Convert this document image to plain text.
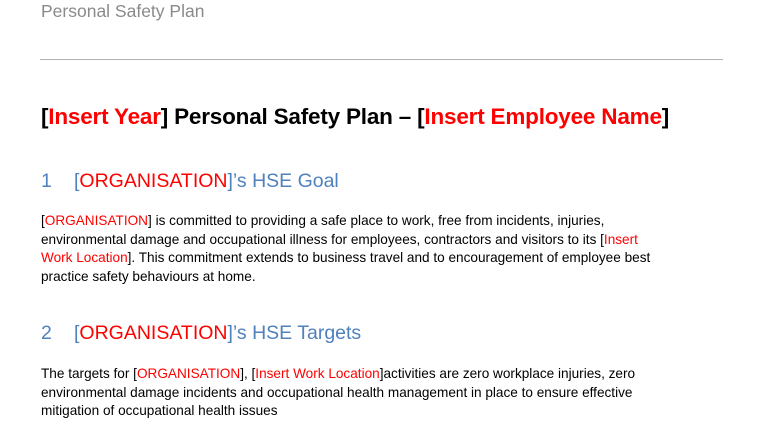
Personal Safety Plan
[Insert Year] Personal Safety Plan – [Insert Employee Name]
1 [ORGANISATION]’s HSE Goal
[ORGANISATION] is committed to providing a safe place to work, free from incidents, injuries,
environmental damage and occupational illness for employees, contractors and visitors to its [Insert
Work Location]. This commitment extends to business travel and to encouragement of employee best
practice safety behaviours at home.
2 [ORGANISATION]’s HSE Targets
The targets for [ORGANISATION], [Insert Work Location]activities are zero workplace injuries, zero
environmental damage incidents and occupational health management in place to ensure effective
mitigation of occupational health issues
